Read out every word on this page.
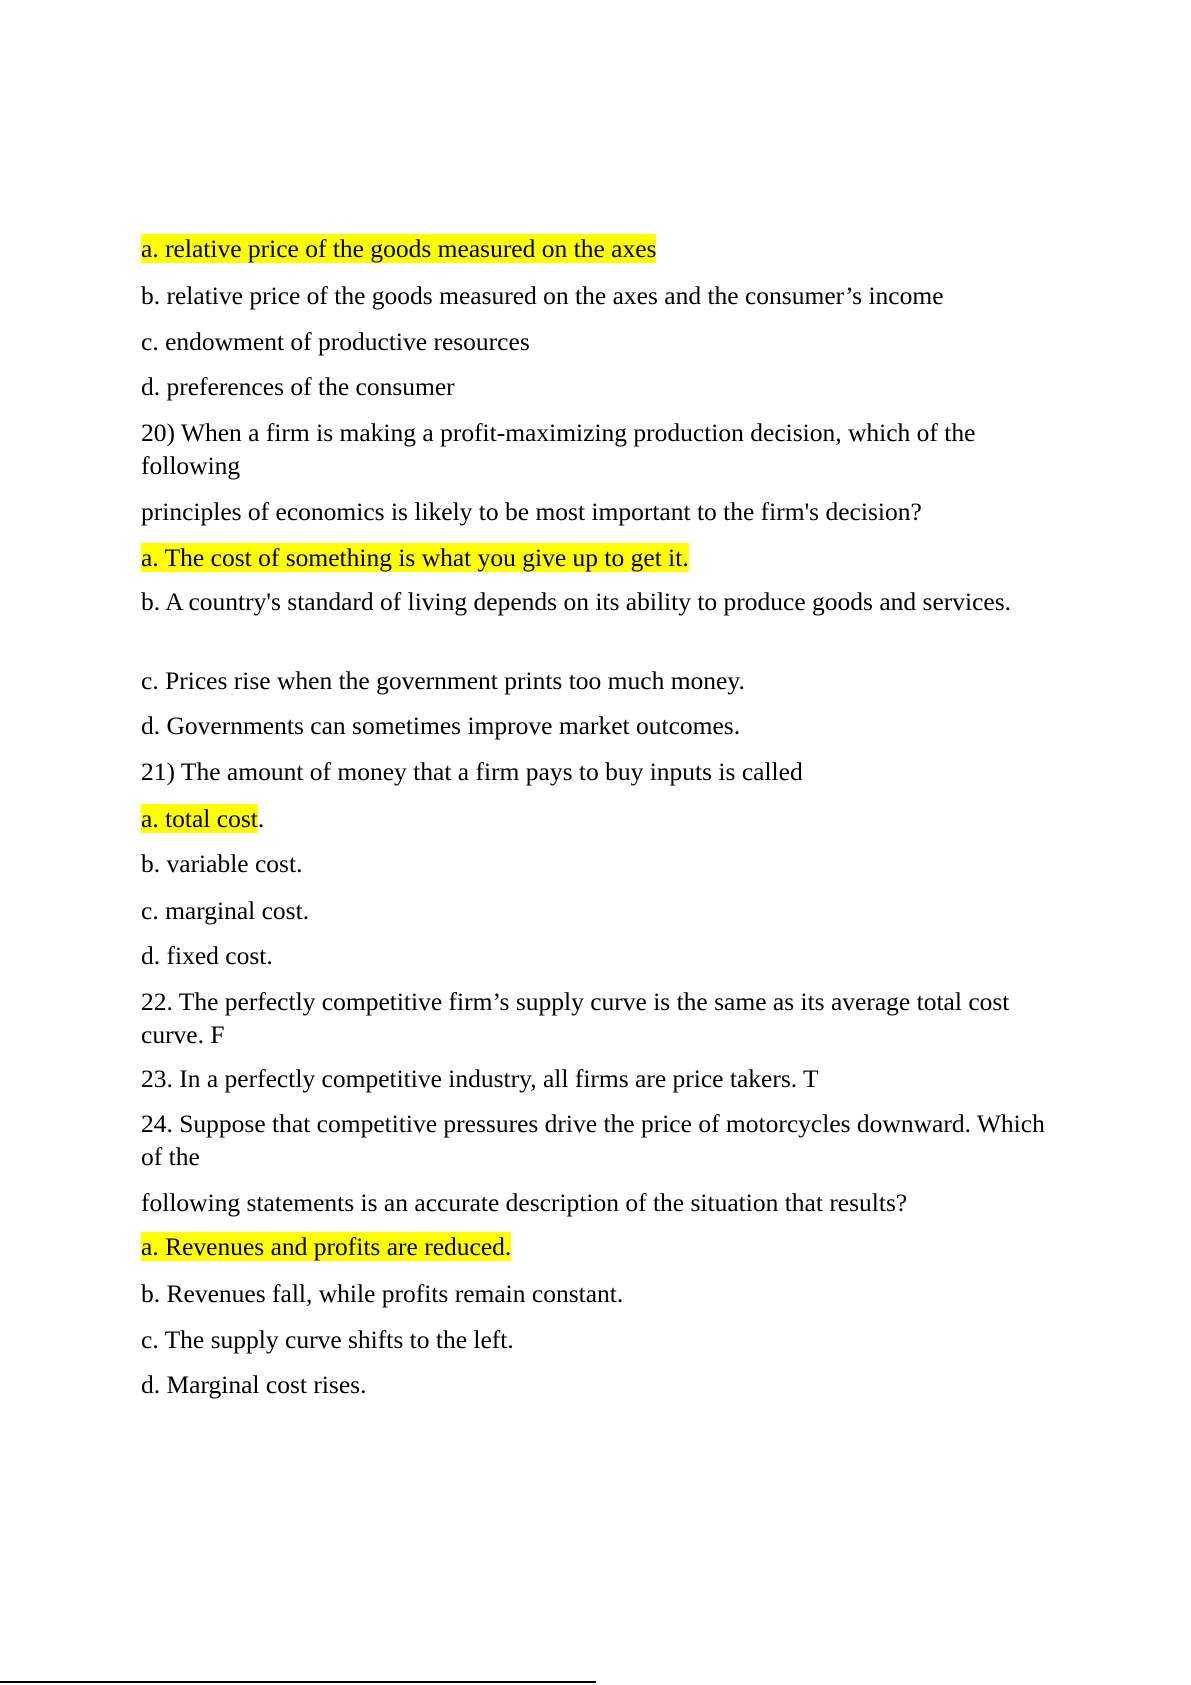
a. relative price of the goods measured on the axes

b. relative price of the goods measured on the axes and the consumer’s income

c. endowment of productive resources

d. preferences of the consumer

20) When a firm is making a profit-maximizing production decision, which of the following

principles of economics is likely to be most important to the firm's decision?

a. The cost of something is what you give up to get it.

b. A country's standard of living depends on its ability to produce goods and services.

c. Prices rise when the government prints too much money.

d. Governments can sometimes improve market outcomes.

21) The amount of money that a firm pays to buy inputs is called

a. total cost.

b. variable cost.

c. marginal cost.

d. fixed cost.

22. The perfectly competitive firm’s supply curve is the same as its average total cost curve. F

23. In a perfectly competitive industry, all firms are price takers. T

24. Suppose that competitive pressures drive the price of motorcycles downward. Which of the

following statements is an accurate description of the situation that results?

a. Revenues and profits are reduced.

b. Revenues fall, while profits remain constant.

c. The supply curve shifts to the left.

d. Marginal cost rises.
